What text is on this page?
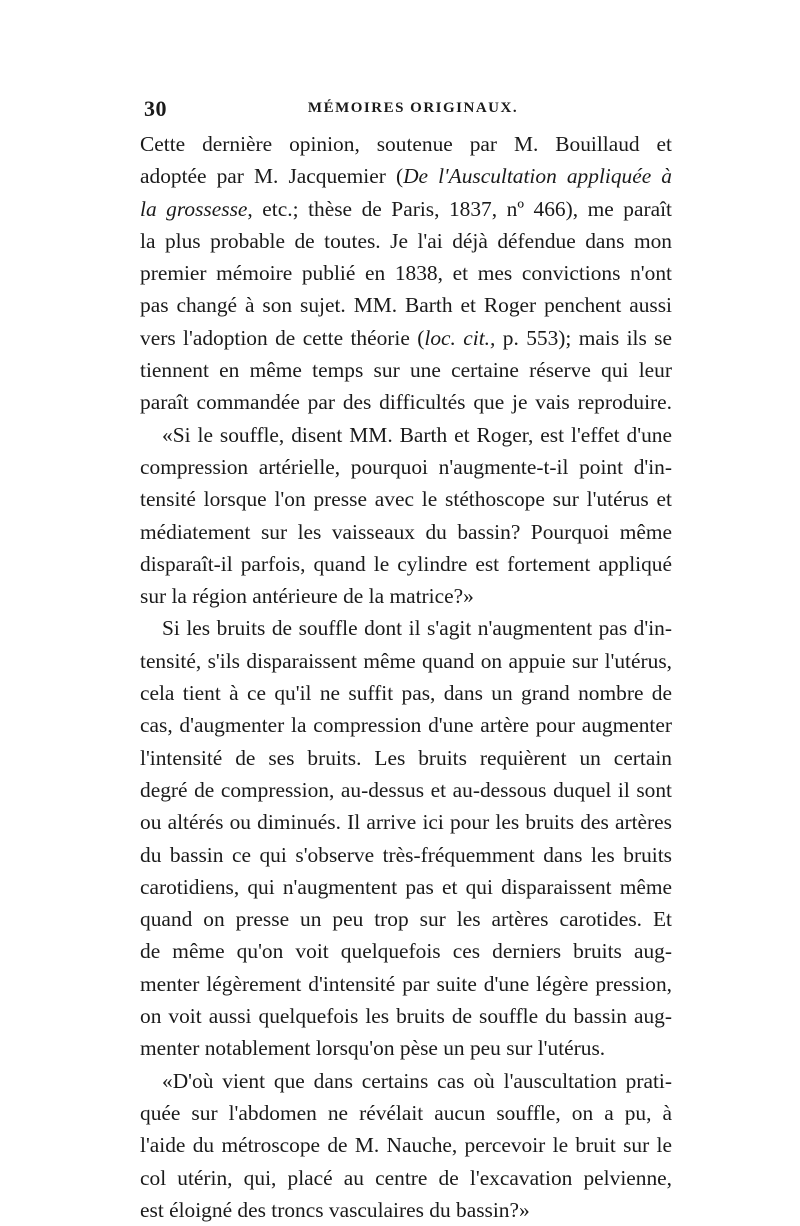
30	MÉMOIRES ORIGINAUX.

Cette dernière opinion, soutenue par M. Bouillaud et
adoptée par M. Jacquemier (De l'Auscultation appliquée à
la grossesse, etc.; thèse de Paris, 1837, nº 466), me paraît
la plus probable de toutes. Je l'ai déjà défendue dans mon
premier mémoire publié en 1838, et mes convictions n'ont
pas changé à son sujet. MM. Barth et Roger penchent aussi
vers l'adoption de cette théorie (loc. cit., p. 553); mais ils se
tiennent en même temps sur une certaine réserve qui leur
paraît commandée par des difficultés que je vais reproduire.

«Si le souffle, disent MM. Barth et Roger, est l'effet d'une
compression artérielle, pourquoi n'augmente-t-il point d'in-
tensité lorsque l'on presse avec le stéthoscope sur l'utérus et
médiatement sur les vaisseaux du bassin? Pourquoi même
disparaît-il parfois, quand le cylindre est fortement appliqué
sur la région antérieure de la matrice?»

Si les bruits de souffle dont il s'agit n'augmentent pas d'in-
tensité, s'ils disparaissent même quand on appuie sur l'utérus,
cela tient à ce qu'il ne suffit pas, dans un grand nombre de
cas, d'augmenter la compression d'une artère pour augmenter
l'intensité de ses bruits. Les bruits requièrent un certain
degré de compression, au-dessus et au-dessous duquel il sont
ou altérés ou diminués. Il arrive ici pour les bruits des artères
du bassin ce qui s'observe très-fréquemment dans les bruits
carotidiens, qui n'augmentent pas et qui disparaissent même
quand on presse un peu trop sur les artères carotides. Et
de même qu'on voit quelquefois ces derniers bruits aug-
menter légèrement d'intensité par suite d'une légère pression,
on voit aussi quelquefois les bruits de souffle du bassin aug-
menter notablement lorsqu'on pèse un peu sur l'utérus.

«D'où vient que dans certains cas où l'auscultation prati-
quée sur l'abdomen ne révélait aucun souffle, on a pu, à
l'aide du métroscope de M. Nauche, percevoir le bruit sur le
col utérin, qui, placé au centre de l'excavation pelvienne,
est éloigné des troncs vasculaires du bassin?»
